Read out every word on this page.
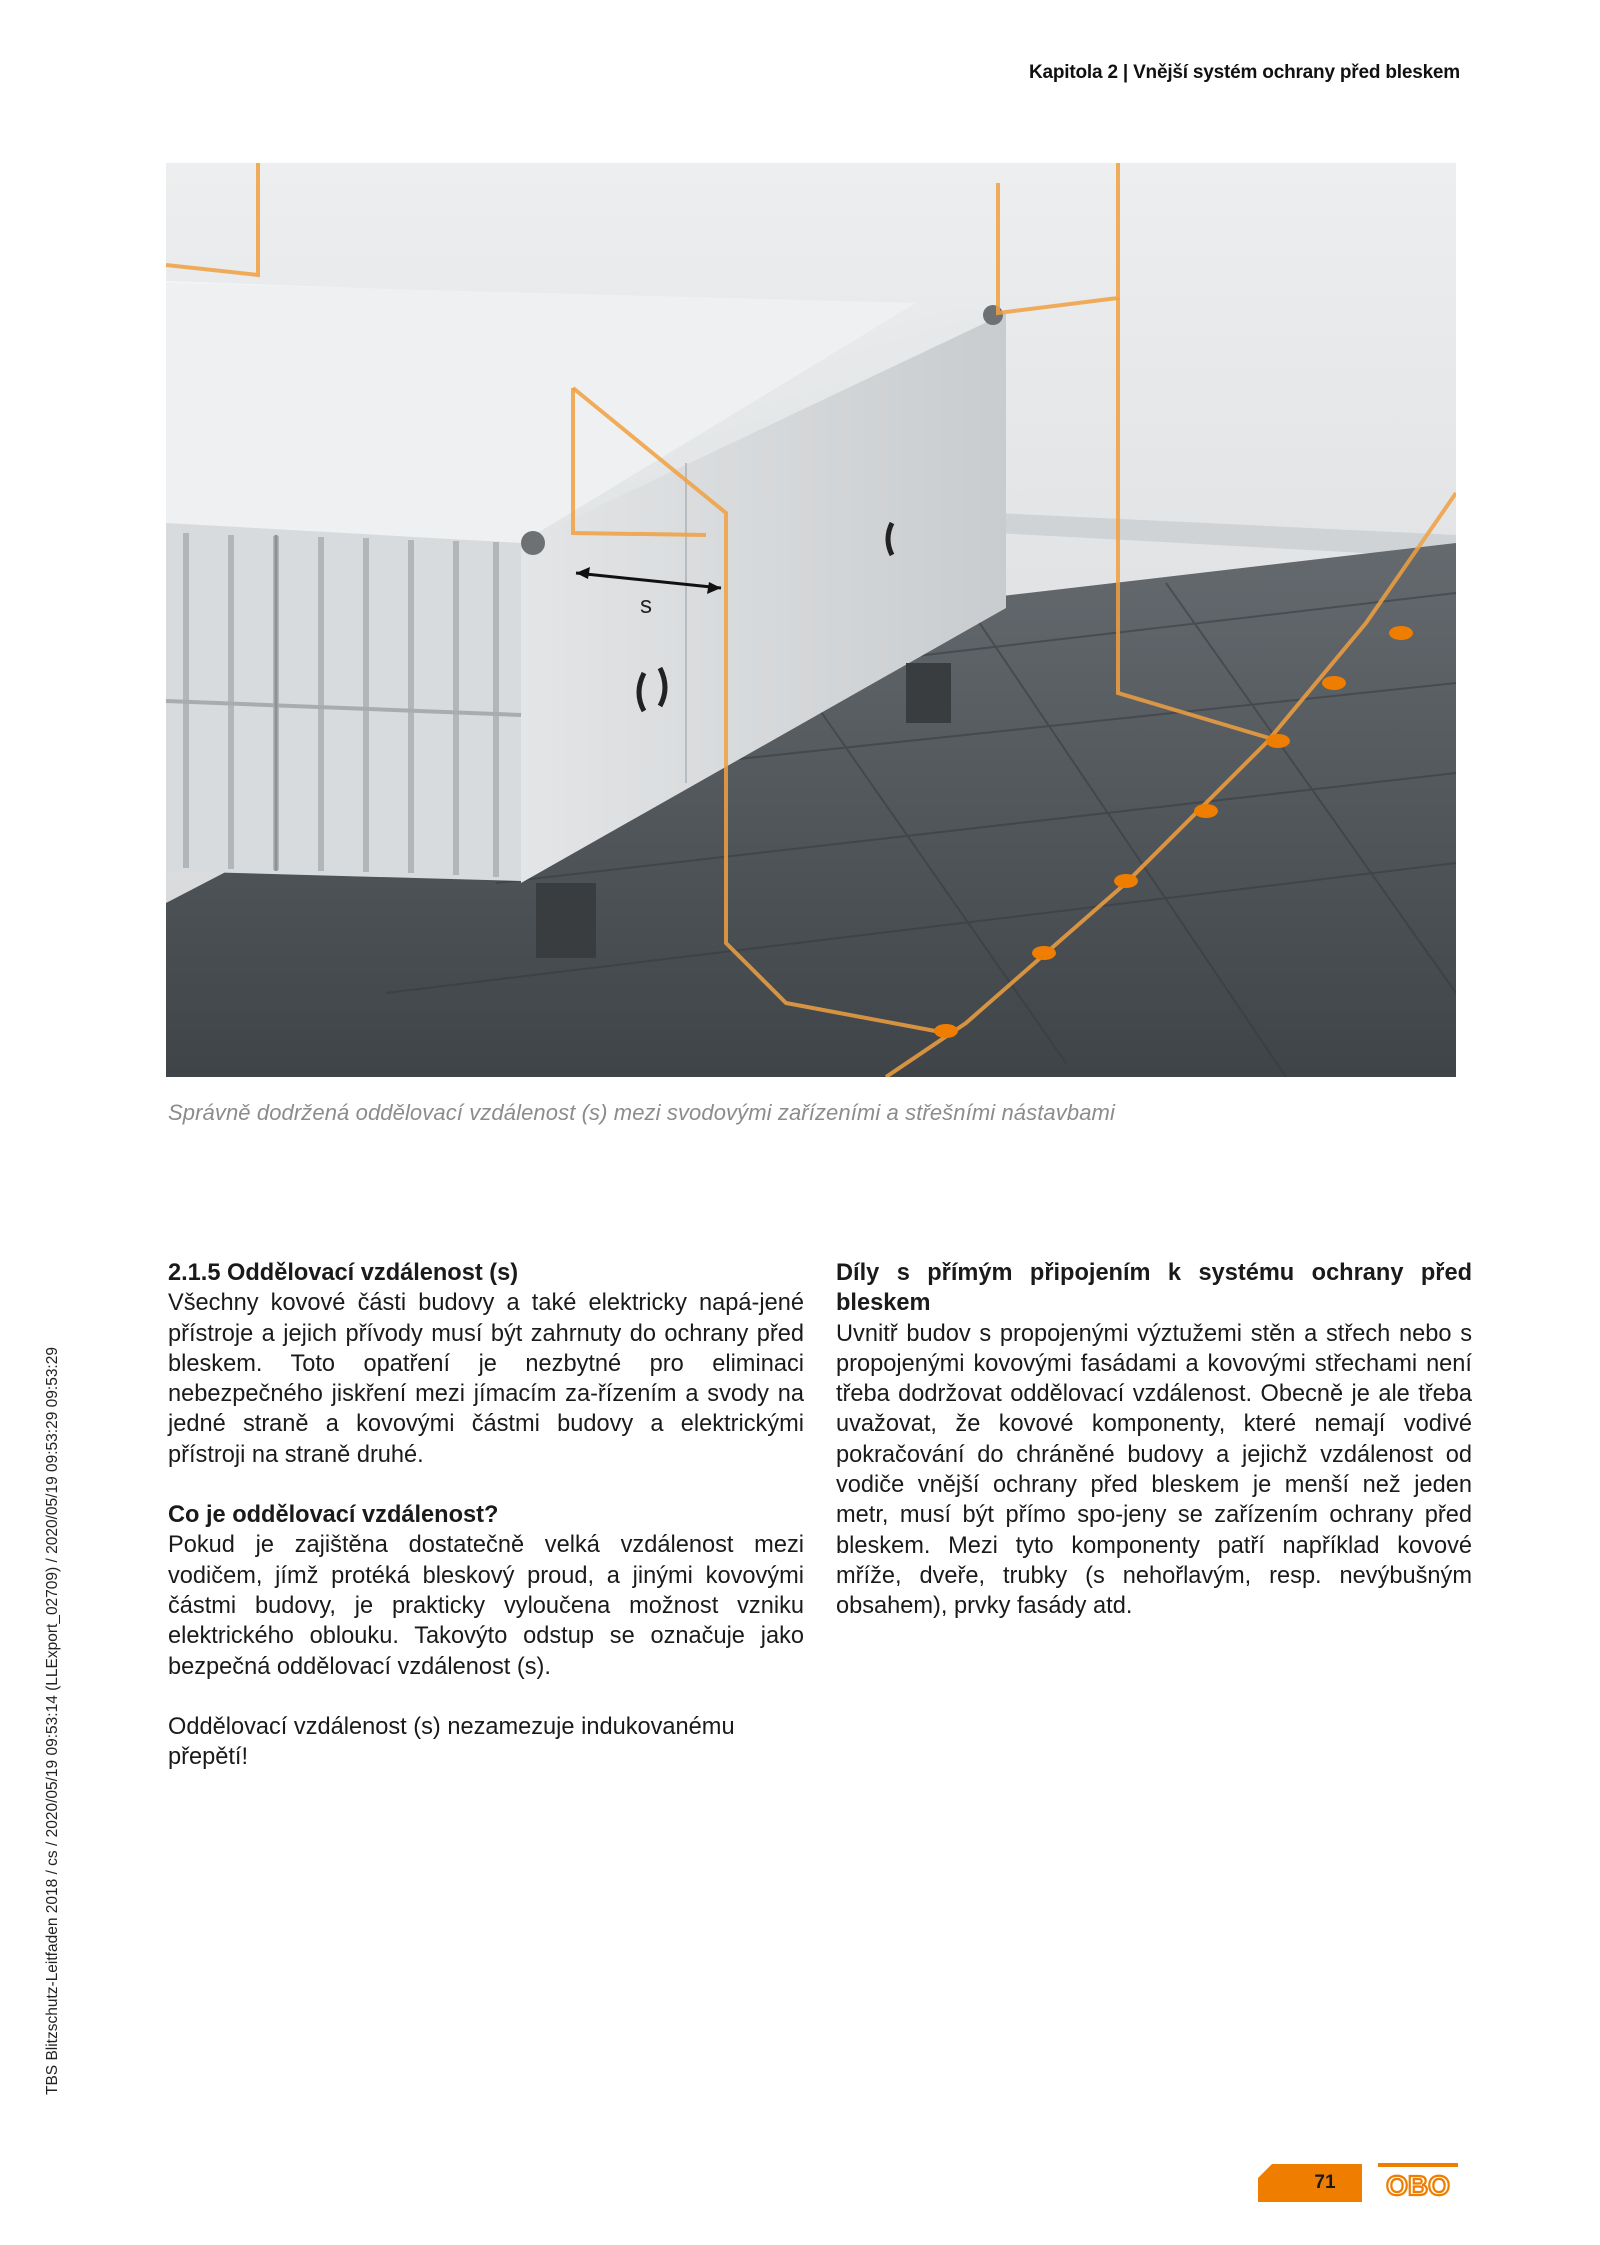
Kapitola 2 | Vnější systém ochrany před bleskem
s
Správně dodržená oddělovací vzdálenost (s) mezi svodovými zařízeními a střešními nástavbami

2.1.5 Oddělovací vzdálenost (s)

Všechny kovové části budovy a také elektricky napá-jené přístroje a jejich přívody musí být zahrnuty do ochrany před bleskem. Toto opatření je nezbytné pro eliminaci nebezpečného jiskření mezi jímacím za-řízením a svody na jedné straně a kovovými částmi budovy a elektrickými přístroji na straně druhé.

Co je oddělovací vzdálenost?

Pokud je zajištěna dostatečně velká vzdálenost mezi vodičem, jímž protéká bleskový proud, a jinými kovovými částmi budovy, je prakticky vyloučena možnost vzniku elektrického oblouku. Takovýto odstup se označuje jako bezpečná oddělovací vzdálenost (s).

Oddělovací vzdálenost (s) nezamezuje indukovanému přepětí!

Díly s přímým připojením k systému ochrany před bleskem

Uvnitř budov s propojenými výztužemi stěn a střech nebo s propojenými kovovými fasádami a kovovými střechami není třeba dodržovat oddělovací vzdálenost. Obecně je ale třeba uvažovat, že kovové komponenty, které nemají vodivé pokračování do chráněné budovy a jejichž vzdálenost od vodiče vnější ochrany před bleskem je menší než jeden metr, musí být přímo spo-jeny se zařízením ochrany před bleskem. Mezi tyto komponenty patří například kovové mříže, dveře, trubky (s nehořlavým, resp. nevýbušným obsahem), prvky fasády atd.

TBS Blitzschutz-Leitfaden 2018 / cs / 2020/05/19 09:53:14 (LLExport_02709) / 2020/05/19 09:53:29 09:53:29
71	OBO
